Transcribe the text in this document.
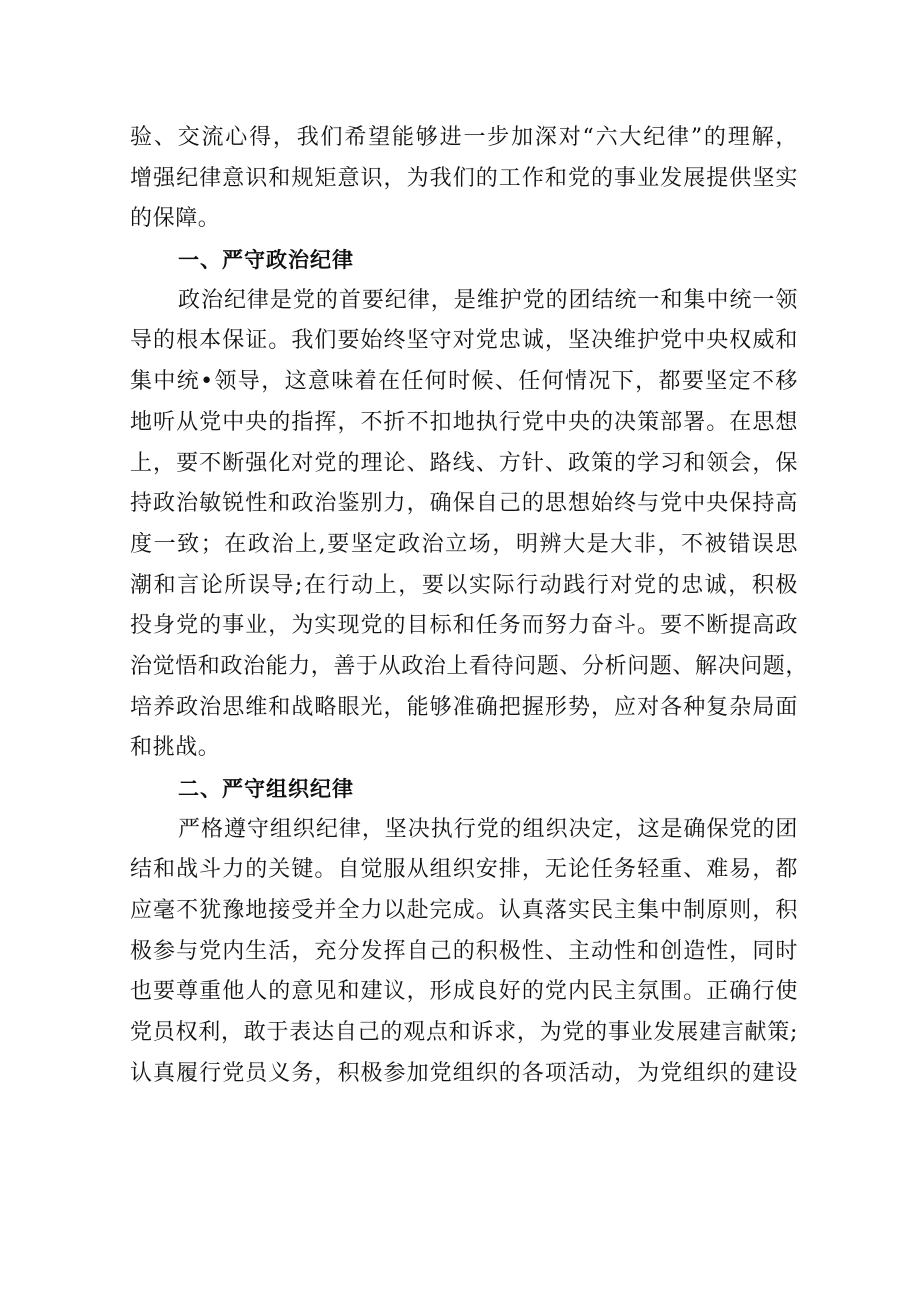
验、交流心得，我们希望能够进一步加深对“六大纪律”的理解，
增强纪律意识和规矩意识，为我们的工作和党的事业发展提供坚实
的保障。
一、严守政治纪律
政治纪律是党的首要纪律，是维护党的团结统一和集中统一领
导的根本保证。我们要始终坚守对党忠诚，坚决维护党中央权威和
集中统•领导，这意味着在任何时候、任何情况下，都要坚定不移
地听从党中央的指挥，不折不扣地执行党中央的决策部署。在思想
上，要不断强化对党的理论、路线、方针、政策的学习和领会，保
持政治敏锐性和政治鉴别力，确保自己的思想始终与党中央保持高
度一致；在政治上,要坚定政治立场，明辨大是大非，不被错误思
潮和言论所误导;在行动上，要以实际行动践行对党的忠诚，积极
投身党的事业，为实现党的目标和任务而努力奋斗。要不断提高政
治觉悟和政治能力，善于从政治上看待问题、分析问题、解决问题，
培养政治思维和战略眼光，能够准确把握形势，应对各种复杂局面
和挑战。
二、严守组织纪律
严格遵守组织纪律，坚决执行党的组织决定，这是确保党的团
结和战斗力的关键。自觉服从组织安排，无论任务轻重、难易，都
应毫不犹豫地接受并全力以赴完成。认真落实民主集中制原则，积
极参与党内生活，充分发挥自己的积极性、主动性和创造性，同时
也要尊重他人的意见和建议，形成良好的党内民主氛围。正确行使
党员权利，敢于表达自己的观点和诉求，为党的事业发展建言献策;
认真履行党员义务，积极参加党组织的各项活动，为党组织的建设
